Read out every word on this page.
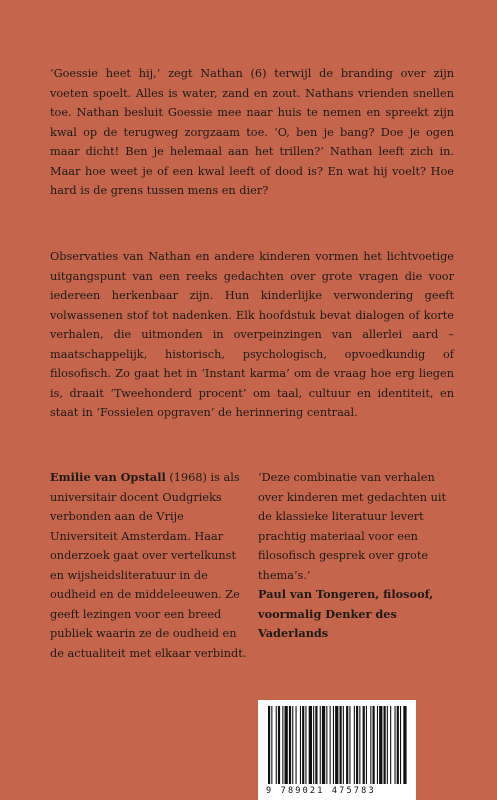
‘Goessie heet hij,’ zegt Nathan (6) terwijl de branding over zijn voeten spoelt. Alles is water, zand en zout. Nathans vrienden snellen toe. Nathan besluit Goessie mee naar huis te nemen en spreekt zijn kwal op de terugweg zorgzaam toe. ‘O, ben je bang? Doe je ogen maar dicht! Ben je helemaal aan het trillen?’ Nathan leeft zich in. Maar hoe weet je of een kwal leeft of dood is? En wat hij voelt? Hoe hard is de grens tussen mens en dier?

Observaties van Nathan en andere kinderen vormen het lichtvoetige uitgangspunt van een reeks gedachten over grote vragen die voor iedereen herkenbaar zijn. Hun kinderlijke verwondering geeft volwassenen stof tot nadenken. Elk hoofdstuk bevat dialogen of korte verhalen, die uitmonden in overpeinzingen van allerlei aard – maatschappelijk, historisch, psychologisch, opvoedkundig of filosofisch. Zo gaat het in ‘Instant karma’ om de vraag hoe erg liegen is, draait ‘Tweehonderd procent’ om taal, cultuur en identiteit, en staat in ‘Fossielen opgraven’ de herinnering centraal.

Emilie van Opstall (1968) is als universitair docent Oudgrieks verbonden aan de Vrije Universiteit Amsterdam. Haar onderzoek gaat over vertelkunst en wijsheidsliteratuur in de oudheid en de middeleeuwen. Ze geeft lezingen voor een breed publiek waarin ze de oudheid en de actualiteit met elkaar verbindt.

‘Deze combinatie van verhalen over kinderen met gedachten uit de klassieke literatuur levert prachtig materiaal voor een filosofisch gesprek over grote thema’s.’
Paul van Tongeren, filosoof, voormalig Denker des Vaderlands

9 789021 475783
